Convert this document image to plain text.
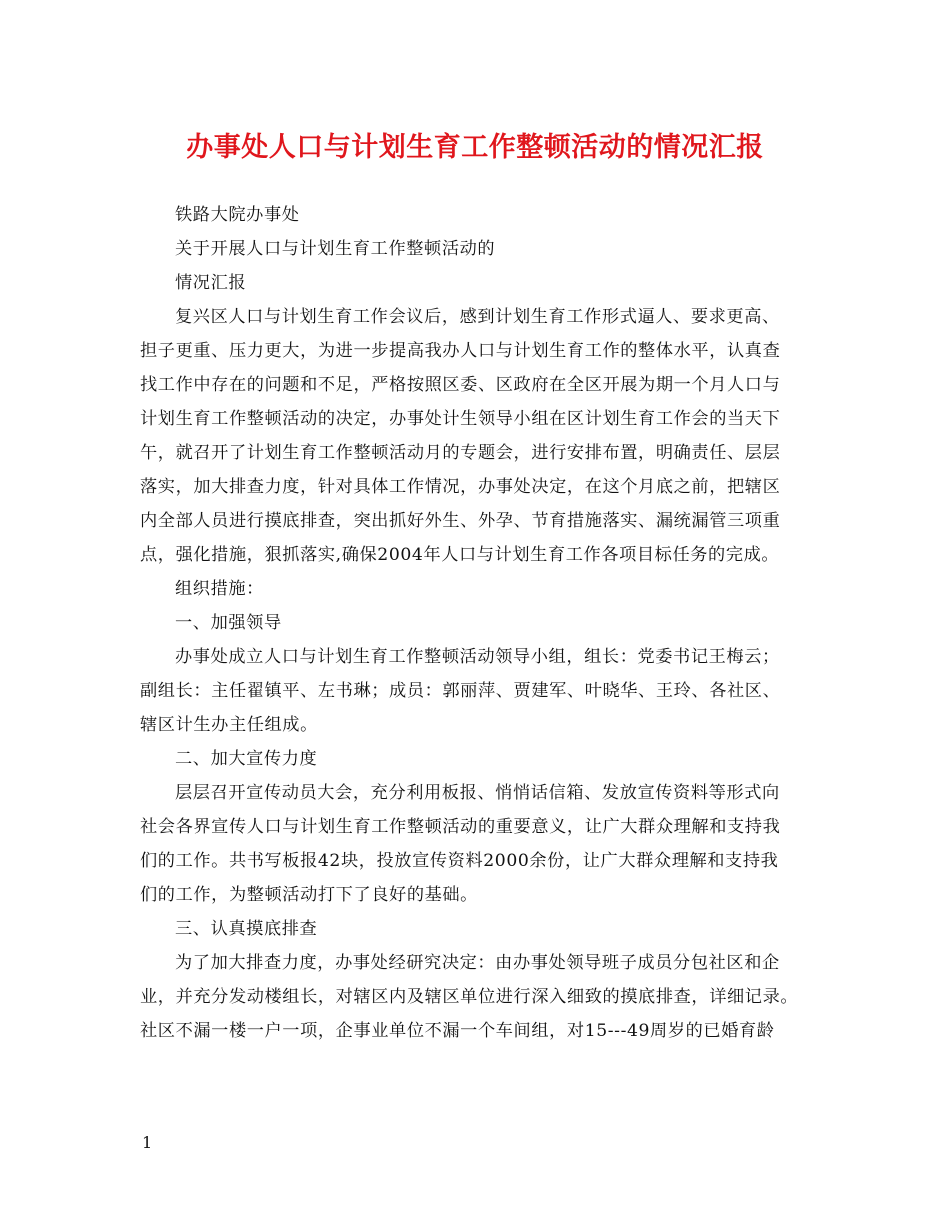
办事处人口与计划生育工作整顿活动的情况汇报

铁路大院办事处

关于开展人口与计划生育工作整顿活动的

情况汇报

复兴区人口与计划生育工作会议后，感到计划生育工作形式逼人、要求更高、

担子更重、压力更大，为进一步提高我办人口与计划生育工作的整体水平，认真查

找工作中存在的问题和不足，严格按照区委、区政府在全区开展为期一个月人口与

计划生育工作整顿活动的决定，办事处计生领导小组在区计划生育工作会的当天下

午，就召开了计划生育工作整顿活动月的专题会，进行安排布置，明确责任、层层

落实，加大排查力度，针对具体工作情况，办事处决定，在这个月底之前，把辖区

内全部人员进行摸底排查，突出抓好外生、外孕、节育措施落实、漏统漏管三项重

点，强化措施，狠抓落实,确保2004年人口与计划生育工作各项目标任务的完成。

组织措施：

一、加强领导

办事处成立人口与计划生育工作整顿活动领导小组，组长：党委书记王梅云；

副组长：主任翟镇平、左书琳；成员：郭丽萍、贾建军、叶晓华、王玲、各社区、

辖区计生办主任组成。

二、加大宣传力度

层层召开宣传动员大会，充分利用板报、悄悄话信箱、发放宣传资料等形式向

社会各界宣传人口与计划生育工作整顿活动的重要意义，让广大群众理解和支持我

们的工作。共书写板报42块，投放宣传资料2000余份，让广大群众理解和支持我

们的工作，为整顿活动打下了良好的基础。

三、认真摸底排查

为了加大排查力度，办事处经研究决定：由办事处领导班子成员分包社区和企

业，并充分发动楼组长，对辖区内及辖区单位进行深入细致的摸底排查，详细记录。

社区不漏一楼一户一项，企事业单位不漏一个车间组，对15---49周岁的已婚育龄

1
